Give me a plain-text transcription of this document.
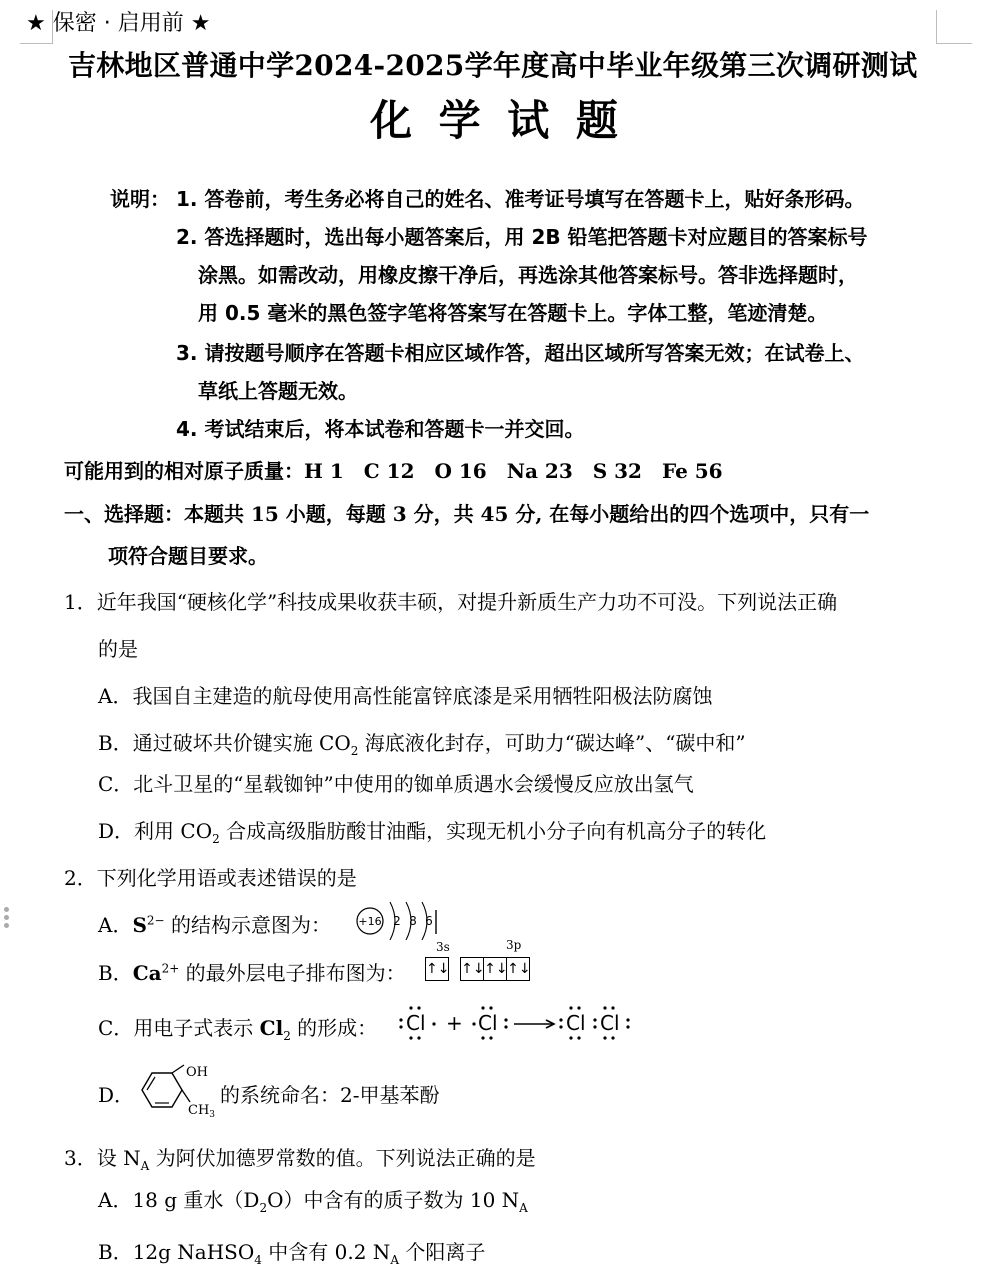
★ 保密 · 启用前 ★
吉林地区普通中学2024-2025学年度高中毕业年级第三次调研测试
化 学 试 题
说明： 1. 答卷前，考生务必将自己的姓名、准考证号填写在答题卡上，贴好条形码。
2. 答选择题时，选出每小题答案后，用 2B 铅笔把答题卡对应题目的答案标号
涂黑。如需改动，用橡皮擦干净后，再选涂其他答案标号。答非选择题时，
用 0.5 毫米的黑色签字笔将答案写在答题卡上。字体工整，笔迹清楚。
3. 请按题号顺序在答题卡相应区域作答，超出区域所写答案无效；在试卷上、
草纸上答题无效。
4. 考试结束后，将本试卷和答题卡一并交回。
可能用到的相对原子质量：H 1　C 12　O 16　Na 23　S 32　Fe 56
一、选择题：本题共 15 小题，每题 3 分，共 45 分, 在每小题给出的四个选项中，只有一
项符合题目要求。
1．近年我国“硬核化学”科技成果收获丰硕，对提升新质生产力功不可没。下列说法正确
的是
A．我国自主建造的航母使用高性能富锌底漆是采用牺牲阳极法防腐蚀
B．通过破坏共价键实施 $CO_2$ 海底液化封存，可助力“碳达峰”、“碳中和”
C．北斗卫星的“星载铷钟”中使用的铷单质遇水会缓慢反应放出氢气
D．利用 $CO_2$ 合成高级脂肪酸甘油酯，实现无机小分子向有机高分子的转化
2．下列化学用语或表述错误的是
A．$S^{2-}$ 的结构示意图为： +16 2 8 6
B．$Ca^{2+}$ 的最外层电子排布图为：
3s	3p
↑↓ ↑↓↑↓↑↓
C．用电子式表示 $Cl_2$ 的形成： Cl + Cl	Cl Cl
D．
OH
$CH_3$
的系统命名：2-甲基苯酚
3．设 $N_A$ 为阿伏加德罗常数的值。下列说法正确的是
A．18 g 重水$(D_2O)$中含有的质子数为 10 $N_A$
B．12g NaHSO$_4$ 中含有 0.2 $N_A$ 个阳离子
